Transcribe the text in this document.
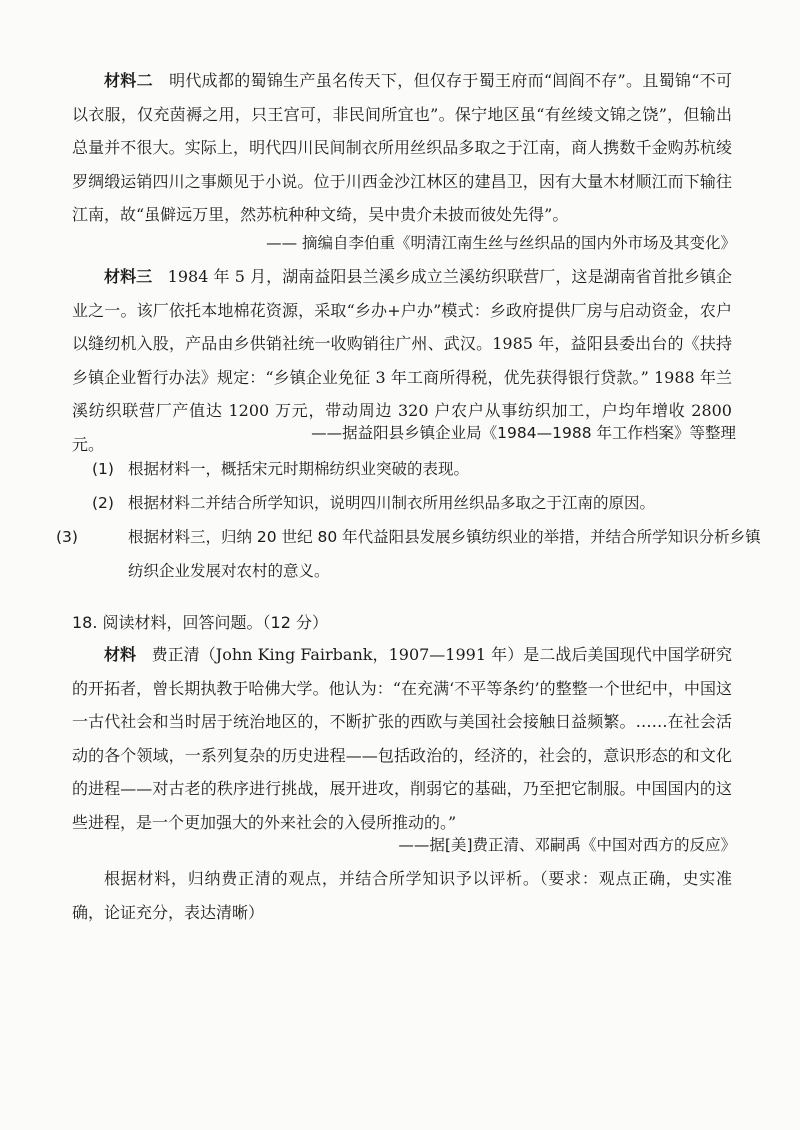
材料二 明代成都的蜀锦生产虽名传天下，但仅存于蜀王府而“闾阎不存”。且蜀锦“不可以衣服，仅充茵褥之用，只王宫可，非民间所宜也”。保宁地区虽“有丝绫文锦之饶”，但输出总量并不很大。实际上，明代四川民间制衣所用丝织品多取之于江南，商人携数千金购苏杭绫罗绸缎运销四川之事颇见于小说。位于川西金沙江林区的建昌卫，因有大量木材顺江而下输往江南，故“虽僻远万里，然苏杭种种文绮，吴中贵介未披而彼处先得”。

—— 摘编自李伯重《明清江南生丝与丝织品的国内外市场及其变化》

材料三 1984 年 5 月，湖南益阳县兰溪乡成立兰溪纺织联营厂，这是湖南省首批乡镇企业之一。该厂依托本地棉花资源，采取“乡办+户办”模式：乡政府提供厂房与启动资金，农户以缝纫机入股，产品由乡供销社统一收购销往广州、武汉。1985 年，益阳县委出台的《扶持乡镇企业暂行办法》规定：“乡镇企业免征 3 年工商所得税，优先获得银行贷款。” 1988 年兰溪纺织联营厂产值达 1200 万元，带动周边 320 户农户从事纺织加工，户均年增收 2800 元。

——据益阳县乡镇企业局《1984—1988 年工作档案》等整理
(1) 根据材料一，概括宋元时期棉纺织业突破的表现。
(2) 根据材料二并结合所学知识，说明四川制衣所用丝织品多取之于江南的原因。
(3)	根据材料三，归纳 20 世纪 80 年代益阳县发展乡镇纺织业的举措，并结合所学知识分析乡镇纺织企业发展对农村的意义。
18. 阅读材料，回答问题。（12 分）

材料 费正清（John King Fairbank，1907—1991 年）是二战后美国现代中国学研究的开拓者，曾长期执教于哈佛大学。他认为：“在充满‘不平等条约’的整整一个世纪中，中国这一古代社会和当时居于统治地区的，不断扩张的西欧与美国社会接触日益频繁。……在社会活动的各个领域，一系列复杂的历史进程——包括政治的，经济的，社会的，意识形态的和文化的进程——对古老的秩序进行挑战，展开进攻，削弱它的基础，乃至把它制服。中国国内的这些进程，是一个更加强大的外来社会的入侵所推动的。”

——据[美]费正清、邓嗣禹《中国对西方的反应》
根据材料，归纳费正清的观点，并结合所学知识予以评析。（要求：观点正确，史实准确，论证充分，表达清晰）
